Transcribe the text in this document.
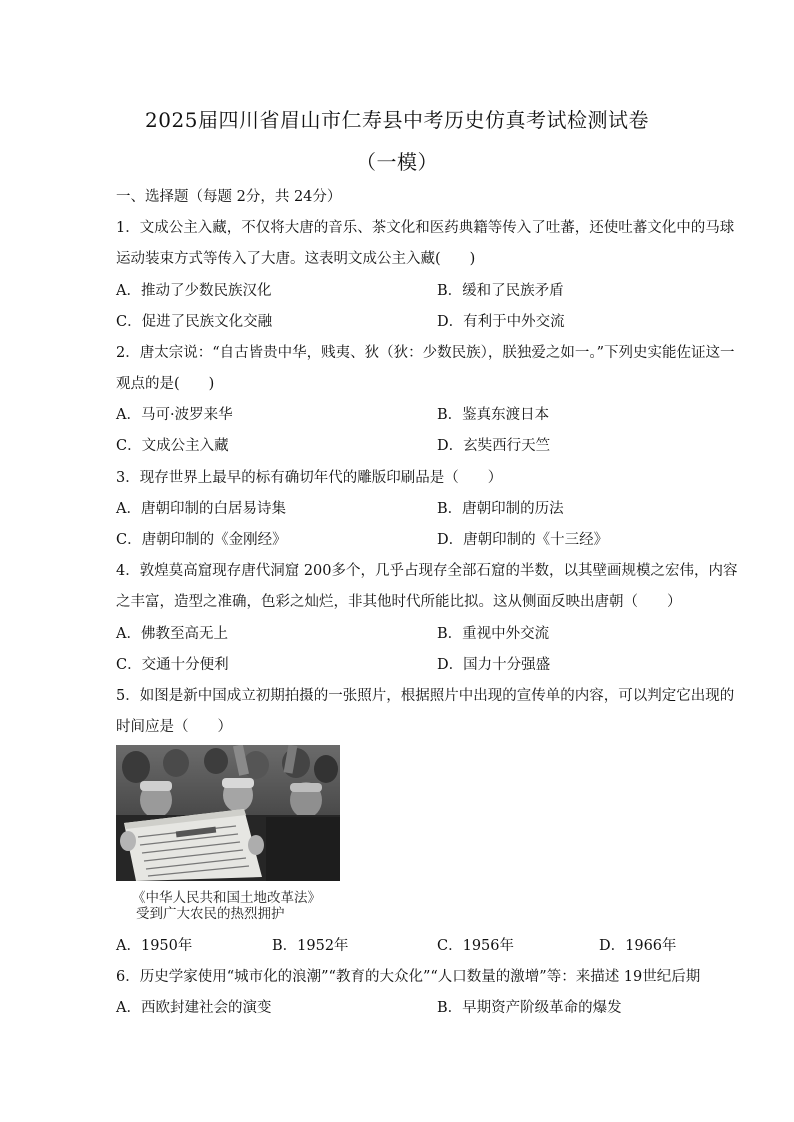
2025届四川省眉山市仁寿县中考历史仿真考试检测试卷
（一模）
一、选择题（每题 2分，共 24分）
1．文成公主入藏，不仅将大唐的音乐、茶文化和医药典籍等传入了吐蕃，还使吐蕃文化中的马球
运动装束方式等传入了大唐。这表明文成公主入藏(　　)
A．推动了少数民族汉化	B．缓和了民族矛盾
C．促进了民族文化交融	D．有利于中外交流
2．唐太宗说：“自古皆贵中华，贱夷、狄（狄：少数民族），朕独爱之如一。”下列史实能佐证这一
观点的是(　　)
A．马可·波罗来华	B．鉴真东渡日本
C．文成公主入藏	D．玄奘西行天竺
3．现存世界上最早的标有确切年代的雕版印刷品是（　　）
A．唐朝印制的白居易诗集	B．唐朝印制的历法
C．唐朝印制的《金刚经》	D．唐朝印制的《十三经》
4．敦煌莫高窟现存唐代洞窟 200多个，几乎占现存全部石窟的半数，以其壁画规模之宏伟，内容
之丰富，造型之准确，色彩之灿烂，非其他时代所能比拟。这从侧面反映出唐朝（　　）
A．佛教至高无上	B．重视中外交流
C．交通十分便利	D．国力十分强盛
5．如图是新中国成立初期拍摄的一张照片，根据照片中出现的宣传单的内容，可以判定它出现的
时间应是（　　）
《中华人民共和国土地改革法》
受到广大农民的热烈拥护
A．1950年	B．1952年	C．1956年	D．1966年
6．历史学家使用“城市化的浪潮”“教育的大众化”“人口数量的激增”等：来描述 19世纪后期
A．西欧封建社会的演变	B．早期资产阶级革命的爆发
